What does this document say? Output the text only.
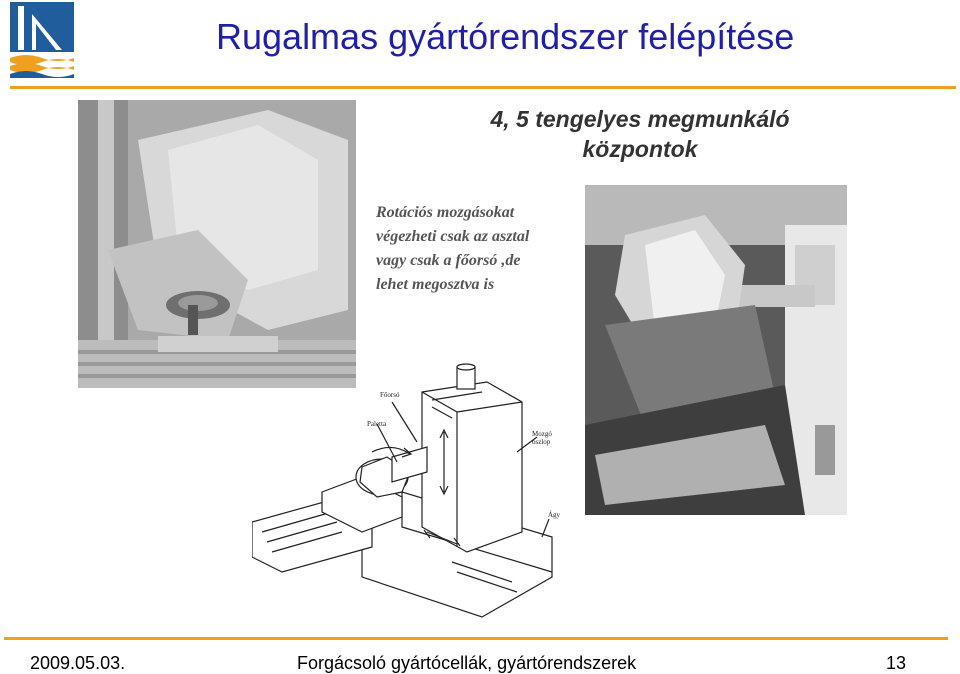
Rugalmas gyártórendszer felépítése
4, 5 tengelyes megmunkáló
központok
Rotációs mozgásokat
végezheti csak az asztal
vagy csak a főorsó ,de
lehet megosztva is
Főorsó
Paletta
Mozgó
oszlop
Ágy
2009.05.03.	Forgácsoló gyártócellák, gyártórendszerek	13
